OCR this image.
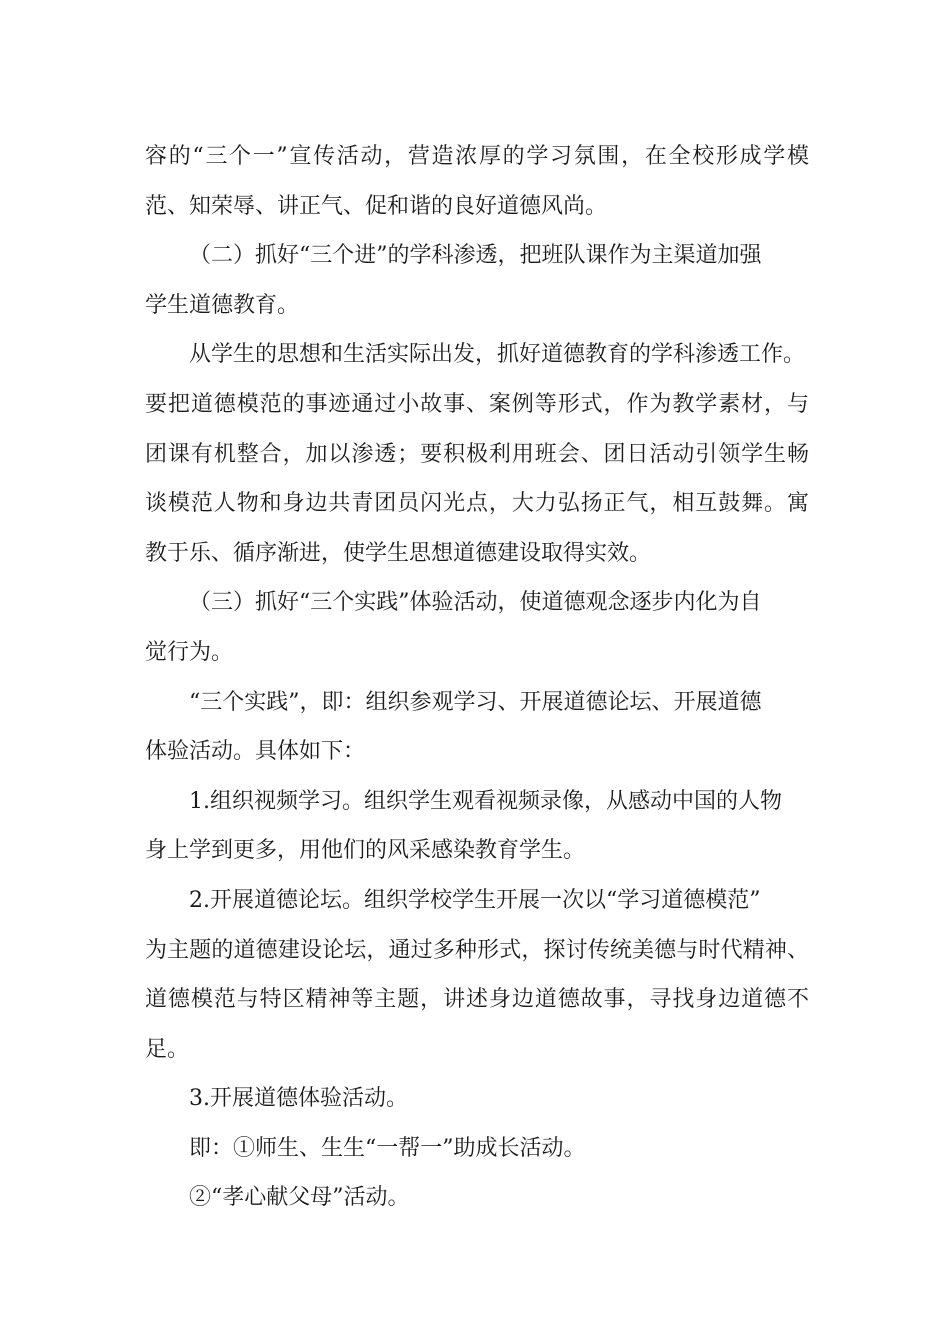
容的“三个一”宣传活动，营造浓厚的学习氛围，在全校形成学模
范、知荣辱、讲正气、促和谐的良好道德风尚。
（二）抓好“三个进”的学科渗透，把班队课作为主渠道加强
学生道德教育。
从学生的思想和生活实际出发，抓好道德教育的学科渗透工作。
要把道德模范的事迹通过小故事、案例等形式，作为教学素材，与
团课有机整合，加以渗透；要积极利用班会、团日活动引领学生畅
谈模范人物和身边共青团员闪光点，大力弘扬正气，相互鼓舞。寓
教于乐、循序渐进，使学生思想道德建设取得实效。
（三）抓好“三个实践”体验活动，使道德观念逐步内化为自
觉行为。
“三个实践”，即：组织参观学习、开展道德论坛、开展道德
体验活动。具体如下：
1.组织视频学习。组织学生观看视频录像，从感动中国的人物
身上学到更多，用他们的风采感染教育学生。
2.开展道德论坛。组织学校学生开展一次以“学习道德模范”
为主题的道德建设论坛，通过多种形式，探讨传统美德与时代精神、
道德模范与特区精神等主题，讲述身边道德故事，寻找身边道德不
足。
3.开展道德体验活动。
即：①师生、生生“一帮一”助成长活动。
②“孝心献父母”活动。
